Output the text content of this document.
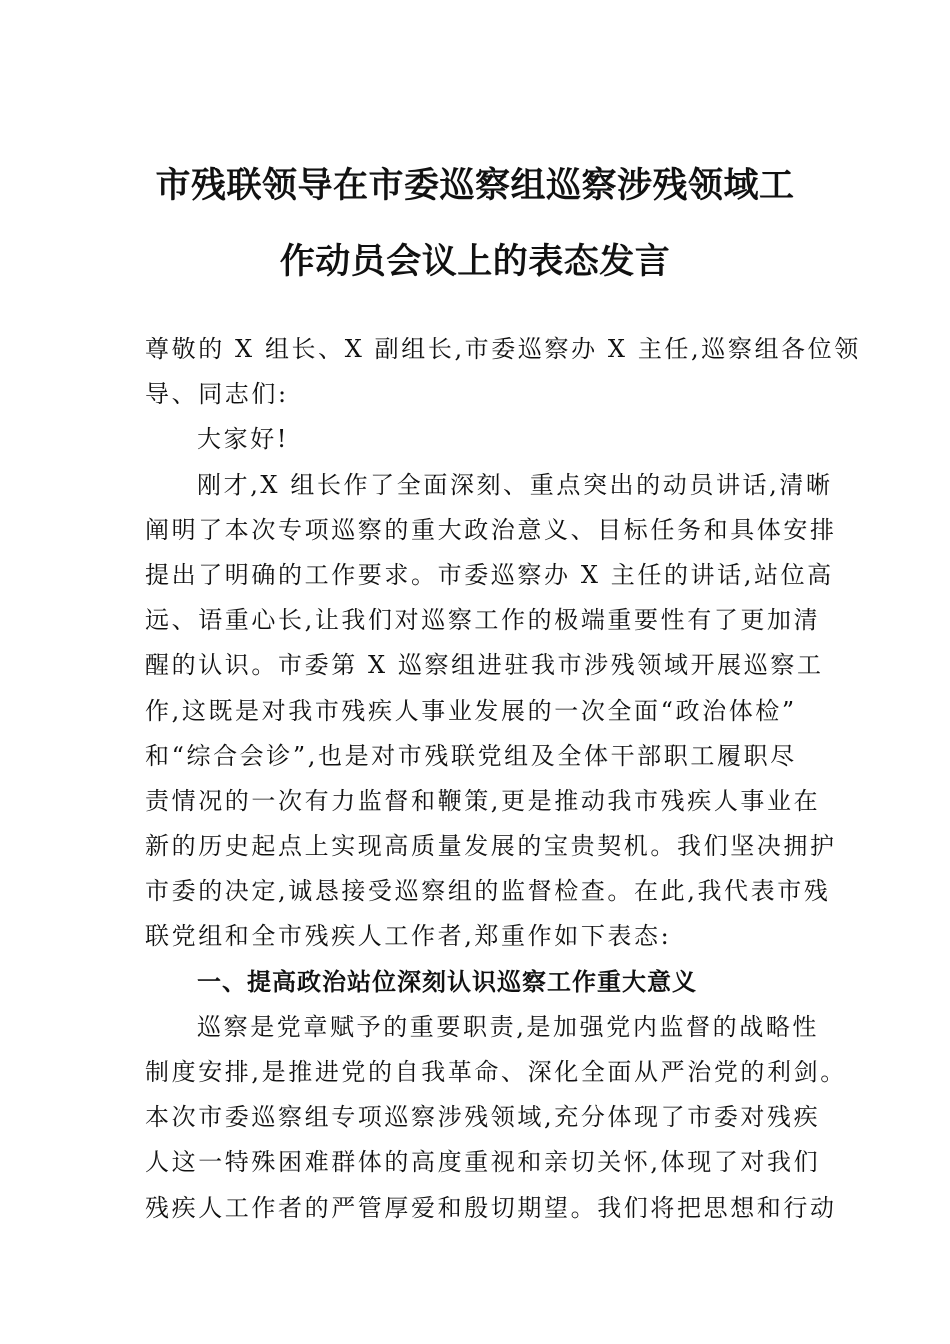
市残联领导在市委巡察组巡察涉残领域工
作动员会议上的表态发言
尊敬的 X 组长、X 副组长,市委巡察办 X 主任,巡察组各位领
导、同志们:
大家好!
刚才,X 组长作了全面深刻、重点突出的动员讲话,清晰
阐明了本次专项巡察的重大政治意义、目标任务和具体安排
提出了明确的工作要求。市委巡察办 X 主任的讲话,站位高
远、语重心长,让我们对巡察工作的极端重要性有了更加清
醒的认识。市委第 X 巡察组进驻我市涉残领域开展巡察工
作,这既是对我市残疾人事业发展的一次全面“政治体检”
和“综合会诊”,也是对市残联党组及全体干部职工履职尽
责情况的一次有力监督和鞭策,更是推动我市残疾人事业在
新的历史起点上实现高质量发展的宝贵契机。我们坚决拥护
市委的决定,诚恳接受巡察组的监督检查。在此,我代表市残
联党组和全市残疾人工作者,郑重作如下表态:
一、提高政治站位深刻认识巡察工作重大意义
巡察是党章赋予的重要职责,是加强党内监督的战略性
制度安排,是推进党的自我革命、深化全面从严治党的利剑。
本次市委巡察组专项巡察涉残领域,充分体现了市委对残疾
人这一特殊困难群体的高度重视和亲切关怀,体现了对我们
残疾人工作者的严管厚爱和殷切期望。我们将把思想和行动
